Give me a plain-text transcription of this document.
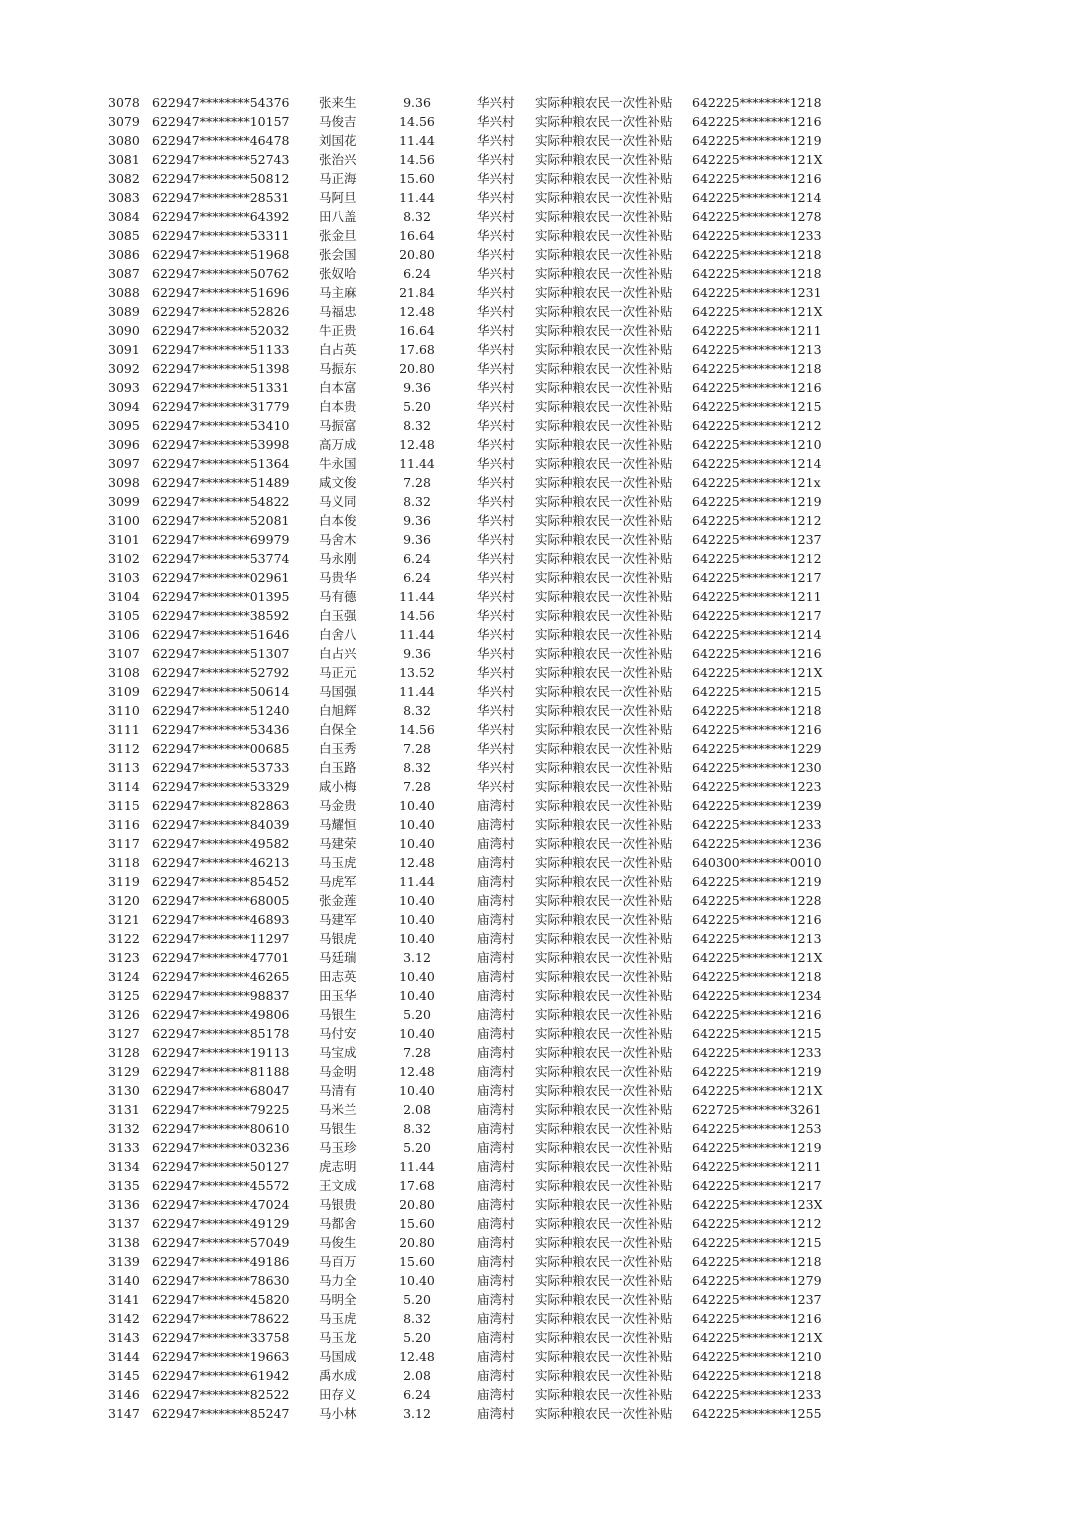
3078 622947********54376 张来生	9.36	华兴村 实际种粮农民一次性补贴 642225********1218
3079 622947********10157 马俊吉	14.56	华兴村 实际种粮农民一次性补贴 642225********1216
3080 622947********46478 刘国花	11.44	华兴村 实际种粮农民一次性补贴 642225********1219
3081 622947********52743 张治兴	14.56	华兴村 实际种粮农民一次性补贴 642225********121X
3082 622947********50812 马正海	15.60	华兴村 实际种粮农民一次性补贴 642225********1216
3083 622947********28531 马阿旦	11.44	华兴村 实际种粮农民一次性补贴 642225********1214
3084 622947********64392 田八盖	8.32	华兴村 实际种粮农民一次性补贴 642225********1278
3085 622947********53311 张金旦	16.64	华兴村 实际种粮农民一次性补贴 642225********1233
3086 622947********51968 张会国	20.80	华兴村 实际种粮农民一次性补贴 642225********1218
3087 622947********50762 张奴哈	6.24	华兴村 实际种粮农民一次性补贴 642225********1218
3088 622947********51696 马主麻	21.84	华兴村 实际种粮农民一次性补贴 642225********1231
3089 622947********52826 马福忠	12.48	华兴村 实际种粮农民一次性补贴 642225********121X
3090 622947********52032 牛正贵	16.64	华兴村 实际种粮农民一次性补贴 642225********1211
3091 622947********51133 白占英	17.68	华兴村 实际种粮农民一次性补贴 642225********1213
3092 622947********51398 马振东	20.80	华兴村 实际种粮农民一次性补贴 642225********1218
3093 622947********51331 白本富	9.36	华兴村 实际种粮农民一次性补贴 642225********1216
3094 622947********31779 白本贵	5.20	华兴村 实际种粮农民一次性补贴 642225********1215
3095 622947********53410 马振富	8.32	华兴村 实际种粮农民一次性补贴 642225********1212
3096 622947********53998 高万成	12.48	华兴村 实际种粮农民一次性补贴 642225********1210
3097 622947********51364 牛永国	11.44	华兴村 实际种粮农民一次性补贴 642225********1214
3098 622947********51489 咸文俊	7.28	华兴村 实际种粮农民一次性补贴 642225********121x
3099 622947********54822 马义同	8.32	华兴村 实际种粮农民一次性补贴 642225********1219
3100 622947********52081 白本俊	9.36	华兴村 实际种粮农民一次性补贴 642225********1212
3101 622947********69979 马舍木	9.36	华兴村 实际种粮农民一次性补贴 642225********1237
3102 622947********53774 马永刚	6.24	华兴村 实际种粮农民一次性补贴 642225********1212
3103 622947********02961 马贵华	6.24	华兴村 实际种粮农民一次性补贴 642225********1217
3104 622947********01395 马有德	11.44	华兴村 实际种粮农民一次性补贴 642225********1211
3105 622947********38592 白玉强	14.56	华兴村 实际种粮农民一次性补贴 642225********1217
3106 622947********51646 白舍八	11.44	华兴村 实际种粮农民一次性补贴 642225********1214
3107 622947********51307 白占兴	9.36	华兴村 实际种粮农民一次性补贴 642225********1216
3108 622947********52792 马正元	13.52	华兴村 实际种粮农民一次性补贴 642225********121X
3109 622947********50614 马国强	11.44	华兴村 实际种粮农民一次性补贴 642225********1215
3110 622947********51240 白旭辉	8.32	华兴村 实际种粮农民一次性补贴 642225********1218
3111 622947********53436 白保全	14.56	华兴村 实际种粮农民一次性补贴 642225********1216
3112 622947********00685 白玉秀	7.28	华兴村 实际种粮农民一次性补贴 642225********1229
3113 622947********53733 白玉路	8.32	华兴村 实际种粮农民一次性补贴 642225********1230
3114 622947********53329 咸小梅	7.28	华兴村 实际种粮农民一次性补贴 642225********1223
3115 622947********82863 马金贵	10.40	庙湾村 实际种粮农民一次性补贴 642225********1239
3116 622947********84039 马耀恒	10.40	庙湾村 实际种粮农民一次性补贴 642225********1233
3117 622947********49582 马建荣	10.40	庙湾村 实际种粮农民一次性补贴 642225********1236
3118 622947********46213 马玉虎	12.48	庙湾村 实际种粮农民一次性补贴 640300********0010
3119 622947********85452 马虎军	11.44	庙湾村 实际种粮农民一次性补贴 642225********1219
3120 622947********68005 张金莲	10.40	庙湾村 实际种粮农民一次性补贴 642225********1228
3121 622947********46893 马建军	10.40	庙湾村 实际种粮农民一次性补贴 642225********1216
3122 622947********11297 马银虎	10.40	庙湾村 实际种粮农民一次性补贴 642225********1213
3123 622947********47701 马廷瑞	3.12	庙湾村 实际种粮农民一次性补贴 642225********121X
3124 622947********46265 田志英	10.40	庙湾村 实际种粮农民一次性补贴 642225********1218
3125 622947********98837 田玉华	10.40	庙湾村 实际种粮农民一次性补贴 642225********1234
3126 622947********49806 马银生	5.20	庙湾村 实际种粮农民一次性补贴 642225********1216
3127 622947********85178 马付安	10.40	庙湾村 实际种粮农民一次性补贴 642225********1215
3128 622947********19113 马宝成	7.28	庙湾村 实际种粮农民一次性补贴 642225********1233
3129 622947********81188 马金明	12.48	庙湾村 实际种粮农民一次性补贴 642225********1219
3130 622947********68047 马清有	10.40	庙湾村 实际种粮农民一次性补贴 642225********121X
3131 622947********79225 马米兰	2.08	庙湾村 实际种粮农民一次性补贴 622725********3261
3132 622947********80610 马银生	8.32	庙湾村 实际种粮农民一次性补贴 642225********1253
3133 622947********03236 马玉珍	5.20	庙湾村 实际种粮农民一次性补贴 642225********1219
3134 622947********50127 虎志明	11.44	庙湾村 实际种粮农民一次性补贴 642225********1211
3135 622947********45572 王文成	17.68	庙湾村 实际种粮农民一次性补贴 642225********1217
3136 622947********47024 马银贵	20.80	庙湾村 实际种粮农民一次性补贴 642225********123X
3137 622947********49129 马都舍	15.60	庙湾村 实际种粮农民一次性补贴 642225********1212
3138 622947********57049 马俊生	20.80	庙湾村 实际种粮农民一次性补贴 642225********1215
3139 622947********49186 马百万	15.60	庙湾村 实际种粮农民一次性补贴 642225********1218
3140 622947********78630 马力全	10.40	庙湾村 实际种粮农民一次性补贴 642225********1279
3141 622947********45820 马明全	5.20	庙湾村 实际种粮农民一次性补贴 642225********1237
3142 622947********78622 马玉虎	8.32	庙湾村 实际种粮农民一次性补贴 642225********1216
3143 622947********33758 马玉龙	5.20	庙湾村 实际种粮农民一次性补贴 642225********121X
3144 622947********19663 马国成	12.48	庙湾村 实际种粮农民一次性补贴 642225********1210
3145 622947********61942 禹水成	2.08	庙湾村 实际种粮农民一次性补贴 642225********1218
3146 622947********82522 田存义	6.24	庙湾村 实际种粮农民一次性补贴 642225********1233
3147 622947********85247 马小林	3.12	庙湾村 实际种粮农民一次性补贴 642225********1255
